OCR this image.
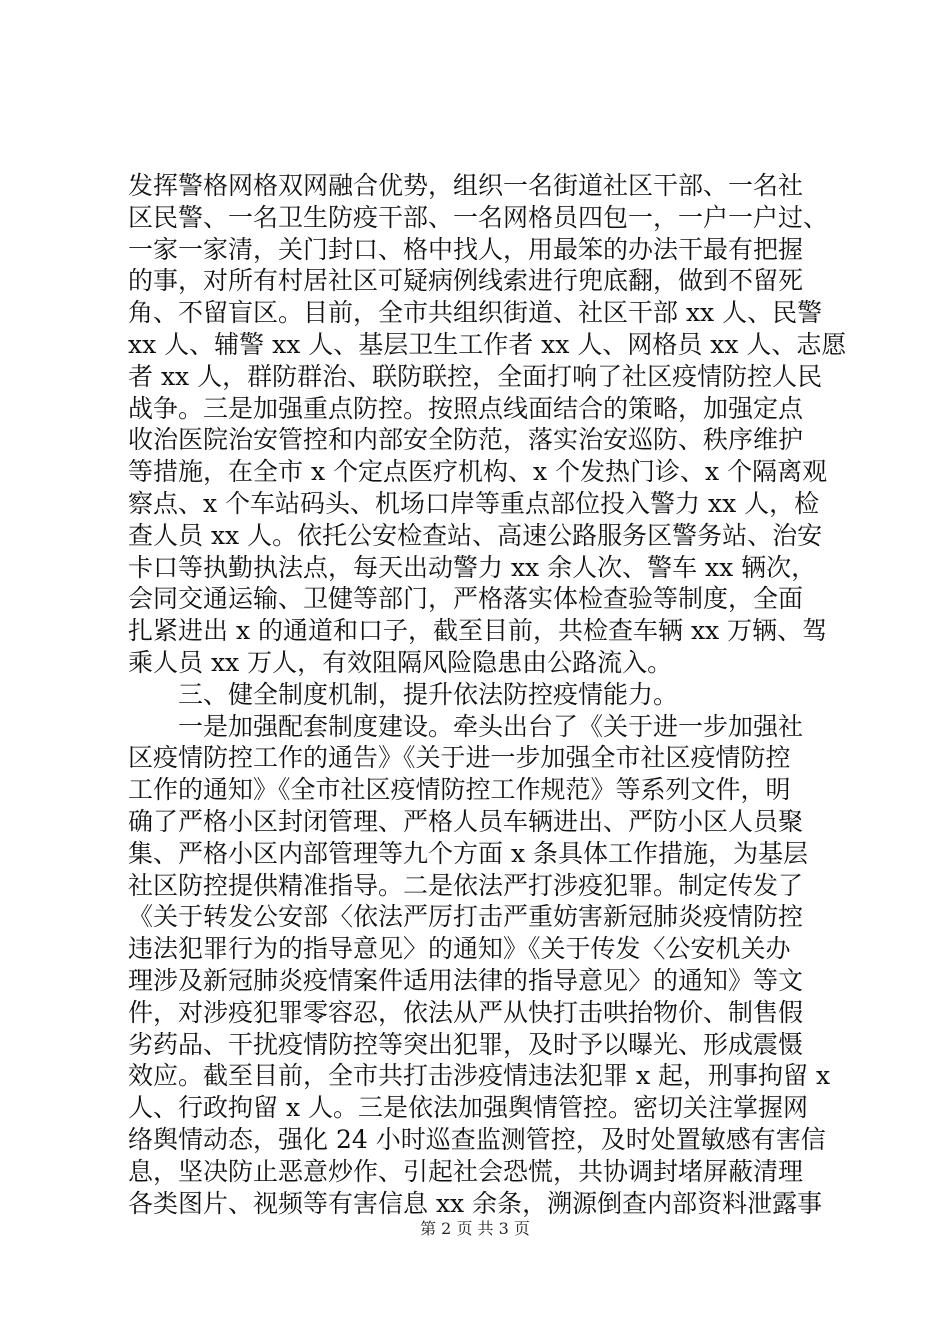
发挥警格网格双网融合优势，组织一名街道社区干部、一名社
区民警、一名卫生防疫干部、一名网格员四包一，一户一户过、
一家一家清，关门封口、格中找人，用最笨的办法干最有把握
的事，对所有村居社区可疑病例线索进行兜底翻，做到不留死
角、不留盲区。目前，全市共组织街道、社区干部 xx 人、民警
xx 人、辅警 xx 人、基层卫生工作者 xx 人、网格员 xx 人、志愿
者 xx 人，群防群治、联防联控，全面打响了社区疫情防控人民
战争。三是加强重点防控。按照点线面结合的策略，加强定点
收治医院治安管控和内部安全防范，落实治安巡防、秩序维护
等措施，在全市 x 个定点医疗机构、x 个发热门诊、x 个隔离观
察点、x 个车站码头、机场口岸等重点部位投入警力 xx 人，检
查人员 xx 人。依托公安检查站、高速公路服务区警务站、治安
卡口等执勤执法点，每天出动警力 xx 余人次、警车 xx 辆次，
会同交通运输、卫健等部门，严格落实体检查验等制度，全面
扎紧进出 x 的通道和口子，截至目前，共检查车辆 xx 万辆、驾
乘人员 xx 万人，有效阻隔风险隐患由公路流入。
三、健全制度机制，提升依法防控疫情能力。
一是加强配套制度建设。牵头出台了《关于进一步加强社
区疫情防控工作的通告》《关于进一步加强全市社区疫情防控
工作的通知》《全市社区疫情防控工作规范》等系列文件，明
确了严格小区封闭管理、严格人员车辆进出、严防小区人员聚
集、严格小区内部管理等九个方面 x 条具体工作措施，为基层
社区防控提供精准指导。二是依法严打涉疫犯罪。制定传发了
《关于转发公安部〈依法严厉打击严重妨害新冠肺炎疫情防控
违法犯罪行为的指导意见〉的通知》《关于传发〈公安机关办
理涉及新冠肺炎疫情案件适用法律的指导意见〉的通知》等文
件，对涉疫犯罪零容忍，依法从严从快打击哄抬物价、制售假
劣药品、干扰疫情防控等突出犯罪，及时予以曝光、形成震慑
效应。截至目前，全市共打击涉疫情违法犯罪 x 起，刑事拘留 x
人、行政拘留 x 人。三是依法加强舆情管控。密切关注掌握网
络舆情动态，强化 24 小时巡查监测管控，及时处置敏感有害信
息，坚决防止恶意炒作、引起社会恐慌，共协调封堵屏蔽清理
各类图片、视频等有害信息 xx 余条，溯源倒查内部资料泄露事
第 2 页 共 3 页
